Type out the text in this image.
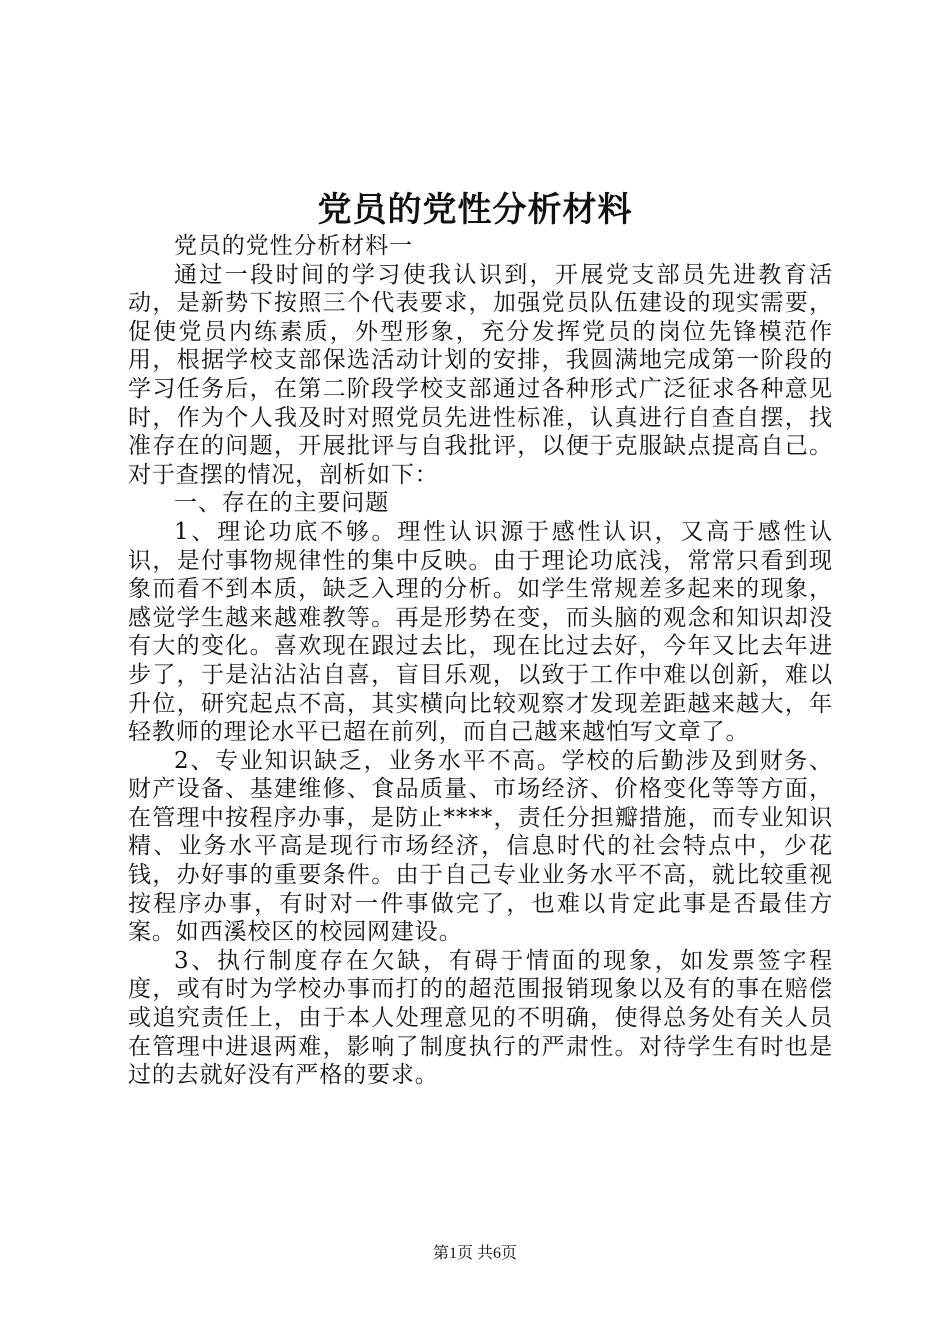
党员的党性分析材料

党员的党性分析材料一

通过一段时间的学习使我认识到，开展党支部员先进教育活动，是新势下按照三个代表要求，加强党员队伍建设的现实需要，促使党员内练素质，外型形象，充分发挥党员的岗位先锋模范作用，根据学校支部保选活动计划的安排，我圆满地完成第一阶段的学习任务后，在第二阶段学校支部通过各种形式广泛征求各种意见时，作为个人我及时对照党员先进性标准，认真进行自查自摆，找准存在的问题，开展批评与自我批评，以便于克服缺点提高自己。对于查摆的情况，剖析如下：

一、存在的主要问题

1、理论功底不够。理性认识源于感性认识，又高于感性认识，是付事物规律性的集中反映。由于理论功底浅，常常只看到现象而看不到本质，缺乏入理的分析。如学生常规差多起来的现象，感觉学生越来越难教等。再是形势在变，而头脑的观念和知识却没有大的变化。喜欢现在跟过去比，现在比过去好，今年又比去年进步了，于是沾沾沾自喜，盲目乐观，以致于工作中难以创新，难以升位，研究起点不高，其实横向比较观察才发现差距越来越大，年轻教师的理论水平已超在前列，而自己越来越怕写文章了。

2、专业知识缺乏，业务水平不高。学校的后勤涉及到财务、财产设备、基建维修、食品质量、市场经济、价格变化等等方面，在管理中按程序办事，是防止****，责任分担瓣措施，而专业知识精、业务水平高是现行市场经济，信息时代的社会特点中，少花钱，办好事的重要条件。由于自己专业业务水平不高，就比较重视按程序办事，有时对一件事做完了，也难以肯定此事是否最佳方案。如西溪校区的校园网建设。

3、执行制度存在欠缺，有碍于情面的现象，如发票签字程度，或有时为学校办事而打的的超范围报销现象以及有的事在赔偿或追究责任上，由于本人处理意见的不明确，使得总务处有关人员在管理中进退两难，影响了制度执行的严肃性。对待学生有时也是过的去就好没有严格的要求。

第1页 共6页
